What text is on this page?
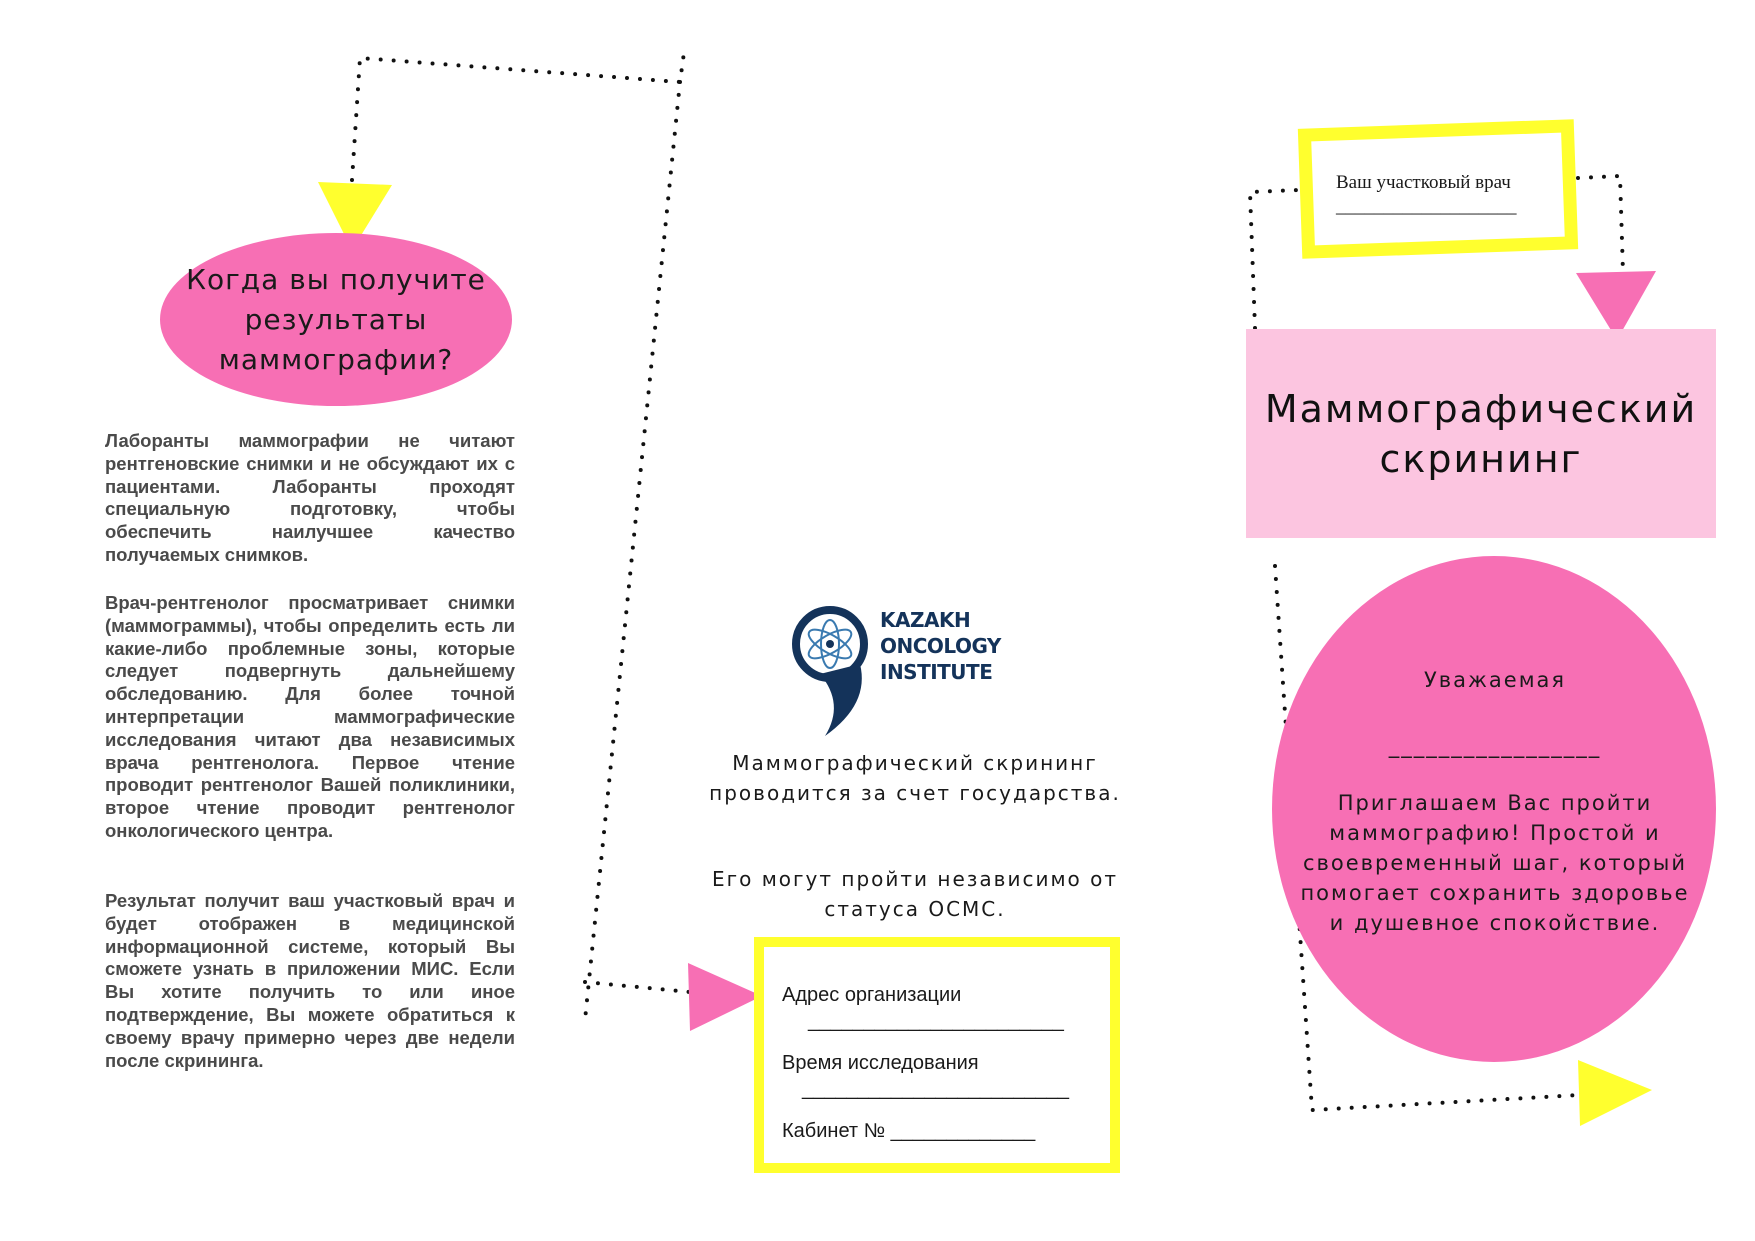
Когда вы получите результаты маммографии?

Лаборанты маммографии не читают рентгеновские снимки и не обсуждают их с пациентами. Лаборанты проходят специальную подготовку, чтобы обеспечить наилучшее качество получаемых снимков.

Врач-рентгенолог просматривает снимки (маммограммы), чтобы определить есть ли какие-либо проблемные зоны, которые следует подвергнуть дальнейшему обследованию. Для более точной интерпретации маммографические исследования читают два независимых врача рентгенолога. Первое чтение проводит рентгенолог Вашей поликлиники, второе чтение проводит рентгенолог онкологического центра.

Результат получит ваш участковый врач и будет отображен в медицинской информационной системе, который Вы сможете узнать в приложении МИС. Если Вы хотите получить то или иное подтверждение, Вы можете обратиться к своему врачу примерно через две недели после скрининга.

KAZAKH
ONCOLOGY
INSTITUTE
Маммографический скрининг проводится за счет государства.
Его могут пройти независимо от статуса ОСМС.
Адрес организации
_______________________
Время исследования
________________________
Кабинет № _____________
Ваш участковый врач
___________________
Маммографический скрининг
Уважаемая
_________________
Приглашаем Вас пройти маммографию! Простой и своевременный шаг, который помогает сохранить здоровье и душевное спокойствие.
